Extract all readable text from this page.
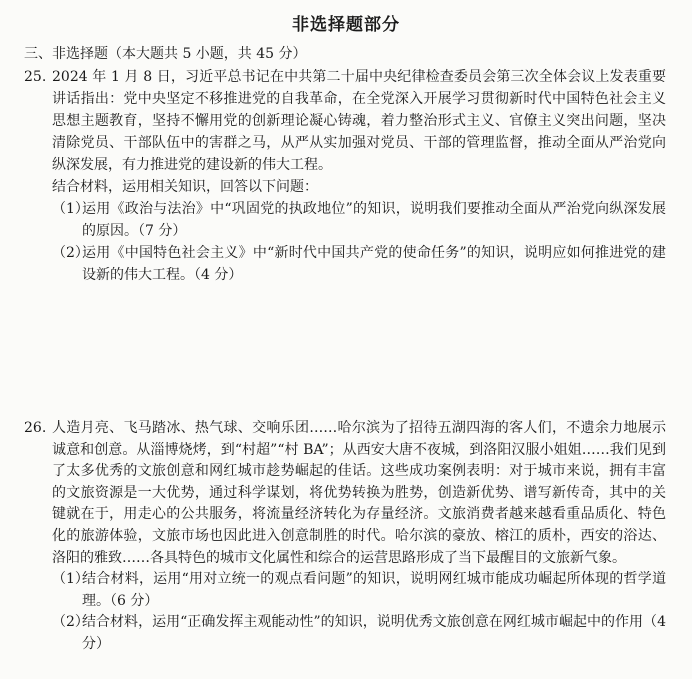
非选择题部分
三、非选择题（本大题共 5 小题，共 45 分）
25. 2024 年 1 月 8 日，习近平总书记在中共第二十届中央纪律检查委员会第三次全体会议上发表重要讲话指出：党中央坚定不移推进党的自我革命，在全党深入开展学习贯彻新时代中国特色社会主义思想主题教育，坚持不懈用党的创新理论凝心铸魂，着力整治形式主义、官僚主义突出问题，坚决清除党员、干部队伍中的害群之马，从严从实加强对党员、干部的管理监督，推动全面从严治党向纵深发展，有力推进党的建设新的伟大工程。
结合材料，运用相关知识，回答以下问题：
（1）
运用《政治与法治》中“巩固党的执政地位”的知识，说明我们要推动全面从严治党向纵深发展的原因。（7 分）
（2）
运用《中国特色社会主义》中“新时代中国共产党的使命任务”的知识，说明应如何推进党的建设新的伟大工程。（4 分）
26. 人造月亮、飞马踏冰、热气球、交响乐团……哈尔滨为了招待五湖四海的客人们，不遗余力地展示诚意和创意。从淄博烧烤，到“村超”“村 BA”；从西安大唐不夜城，到洛阳汉服小姐姐……我们见到了太多优秀的文旅创意和网红城市趁势崛起的佳话。这些成功案例表明：对于城市来说，拥有丰富的文旅资源是一大优势，通过科学谋划，将优势转换为胜势，创造新优势、谱写新传奇，其中的关键就在于，用走心的公共服务，将流量经济转化为存量经济。文旅消费者越来越看重品质化、特色化的旅游体验，文旅市场也因此进入创意制胜的时代。哈尔滨的豪放、榕江的质朴，西安的浴达、洛阳的雅致……各具特色的城市文化属性和综合的运营思路形成了当下最醒目的文旅新气象。
（1）
结合材料，运用“用对立统一的观点看问题”的知识，说明网红城市能成功崛起所体现的哲学道理。（6 分）
（2）
结合材料，运用“正确发挥主观能动性”的知识，说明优秀文旅创意在网红城市崛起中的作用（4 分）
